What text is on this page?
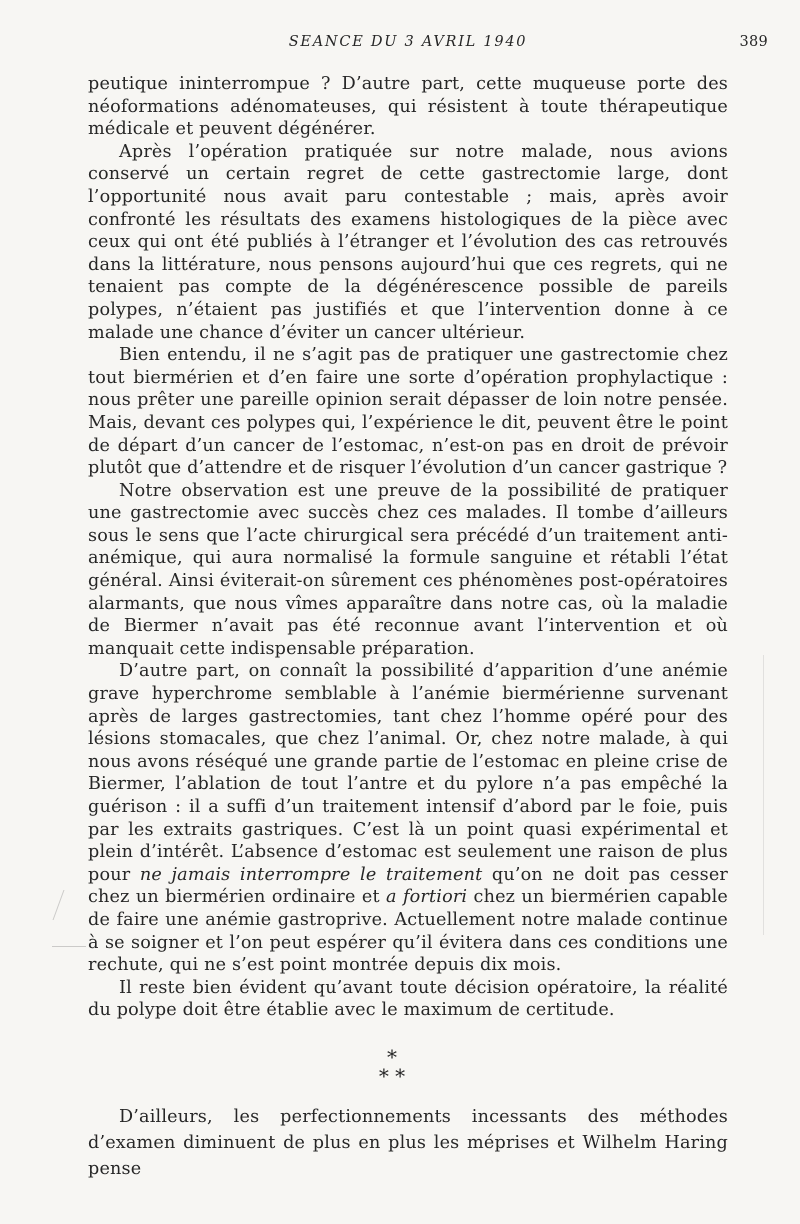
SEANCE DU 3 AVRIL 1940	389

peutique ininterrompue ? D’autre part, cette muqueuse porte des néoformations adénomateuses, qui résistent à toute thérapeutique médicale et peuvent dégénérer.

Après l’opération pratiquée sur notre malade, nous avions conservé un certain regret de cette gastrectomie large, dont l’opportunité nous avait paru contestable ; mais, après avoir confronté les résultats des examens histologiques de la pièce avec ceux qui ont été publiés à l’étranger et l’évolution des cas retrouvés dans la littérature, nous pensons aujourd’hui que ces regrets, qui ne tenaient pas compte de la dégénérescence possible de pareils polypes, n’étaient pas justifiés et que l’intervention donne à ce malade une chance d’éviter un cancer ultérieur.

Bien entendu, il ne s’agit pas de pratiquer une gastrectomie chez tout biermérien et d’en faire une sorte d’opération prophylactique : nous prêter une pareille opinion serait dépasser de loin notre pensée. Mais, devant ces polypes qui, l’expérience le dit, peuvent être le point de départ d’un cancer de l’estomac, n’est-on pas en droit de prévoir plutôt que d’attendre et de risquer l’évolution d’un cancer gastrique ?

Notre observation est une preuve de la possibilité de pratiquer une gastrectomie avec succès chez ces malades. Il tombe d’ailleurs sous le sens que l’acte chirurgical sera précédé d’un traitement anti-anémique, qui aura normalisé la formule sanguine et rétabli l’état général. Ainsi éviterait-on sûrement ces phénomènes post-opératoires alarmants, que nous vîmes apparaître dans notre cas, où la maladie de Biermer n’avait pas été reconnue avant l’intervention et où manquait cette indispensable préparation.

D’autre part, on connaît la possibilité d’apparition d’une anémie grave hyperchrome semblable à l’anémie biermérienne survenant après de larges gastrectomies, tant chez l’homme opéré pour des lésions stomacales, que chez l’animal. Or, chez notre malade, à qui nous avons réséqué une grande partie de l’estomac en pleine crise de Biermer, l’ablation de tout l’antre et du pylore n’a pas empêché la guérison : il a suffi d’un traitement intensif d’abord par le foie, puis par les extraits gastriques. C’est là un point quasi expérimental et plein d’intérêt. L’absence d’estomac est seulement une raison de plus pour ne jamais interrompre le traitement qu’on ne doit pas cesser chez un biermérien ordinaire et a fortiori chez un biermérien capable de faire une anémie gastroprive. Actuellement notre malade continue à se soigner et l’on peut espérer qu’il évitera dans ces conditions une rechute, qui ne s’est point montrée depuis dix mois.

Il reste bien évident qu’avant toute décision opératoire, la réalité du polype doit être établie avec le maximum de certitude.

*
* *

D’ailleurs, les perfectionnements incessants des méthodes d’examen diminuent de plus en plus les méprises et Wilhelm Haring pense
